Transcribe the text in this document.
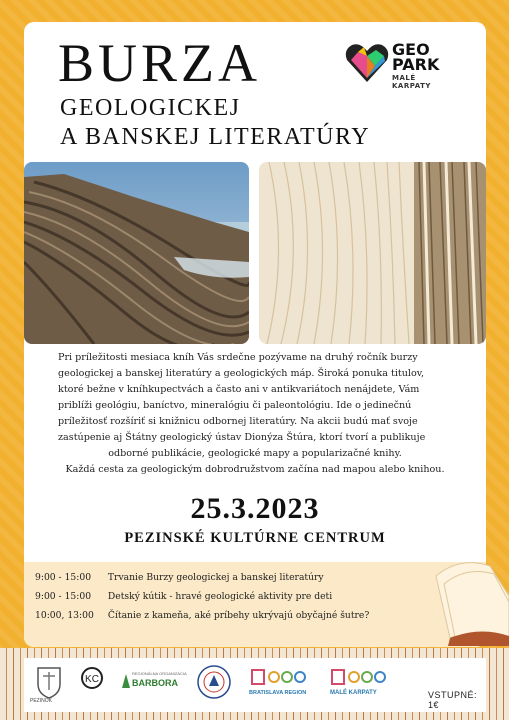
BURZA
GEOLOGICKEJ
A BANSKEJ LITERATÚRY
GEO
PARK
MALÉ KARPATY
Pri príležitosti mesiaca kníh Vás srdečne pozývame na druhý ročník burzy
geologickej a banskej literatúry a geologických máp. Široká ponuka titulov,
ktoré bežne v kníhkupectvách a často ani v antikvariátoch nenájdete, Vám
priblíži geológiu, baníctvo, mineralógiu či paleontológiu. Ide o jedinečnú
príležitosť rozšíriť si knižnicu odbornej literatúry. Na akcii budú mať svoje
zastúpenie aj Štátny geologický ústav Dionýza Štúra, ktorí tvorí a publikuje
odborné publikácie, geologické mapy a popularizačné knihy.
Každá cesta za geologickým dobrodružstvom začína nad mapou alebo knihou.
25.3.2023
PEZINSKÉ KULTÚRNE CENTRUM
9:00 - 15:00 Trvanie Burzy geologickej a banskej literatúry
9:00 - 15:00 Detský kútik - hravé geologické aktivity pre deti
10:00, 13:00 Čítanie z kameňa, aké príbehy ukrývajú obyčajné šutre?
PEZINOK
KC
REGIONÁLNA ORGANIZÁCIA
BARBORA
BRATISLAVA REGION	MALÉ KARPATY	VSTUPNÉ: 1€
